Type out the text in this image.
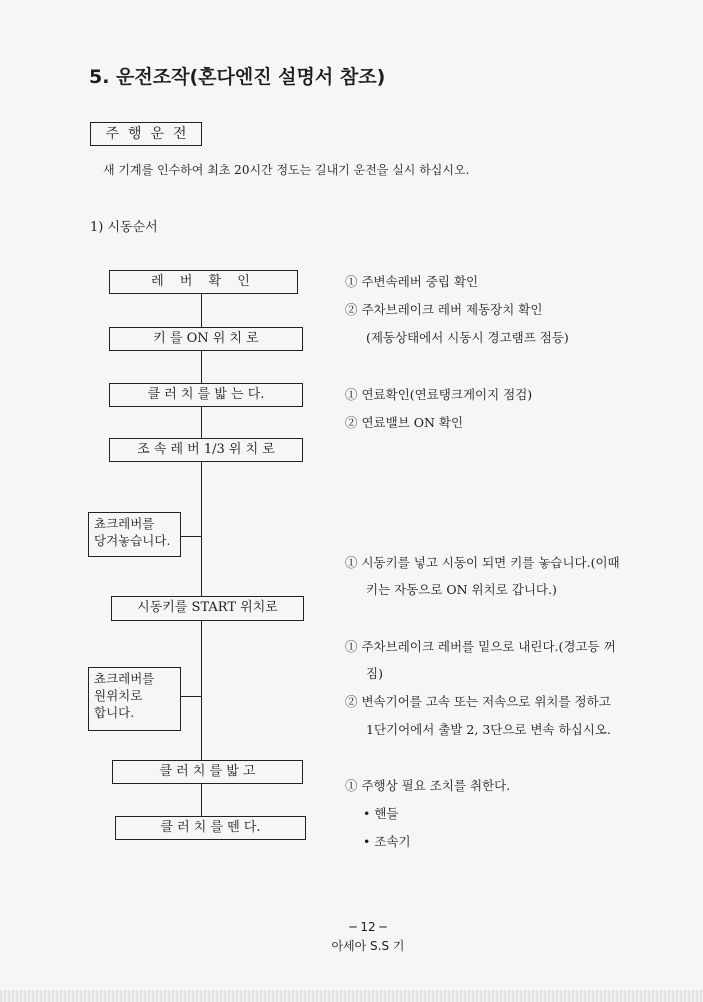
5. 운전조작(혼다엔진 설명서 참조)
주행운전
새 기계를 인수하여 최초 20시간 정도는 길내기 운전을 실시 하십시오.
1) 시동순서
레 버 확 인
키 를 ON 위 치 로
클 러 치 를 밟 는 다.
조 속 레 버 1/3 위 치 로
쵸크레버를
당겨놓습니다.
시동키를 START 위치로
쵸크레버를
원위치로
합니다.
클 러 치 를 밟 고
클 러 치 를 뗀 다.
① 주변속레버 중립 확인
② 주차브레이크 레버 제동장치 확인
(제동상태에서 시동시 경고램프 점등)
① 연료확인(연료탱크게이지 점검)
② 연료밸브 ON 확인
① 시동키를 넣고 시동이 되면 키를 놓습니다.(이때
키는 자동으로 ON 위치로 갑니다.)
① 주차브레이크 레버를 밑으로 내린다.(경고등 꺼
짐)
② 변속기어를 고속 또는 저속으로 위치를 정하고
1단기어에서 출발 2, 3단으로 변속 하십시오.
① 주행상 필요 조치를 취한다.
• 핸들
• 조속기
─ 12 ─
아세아 S.S 기
